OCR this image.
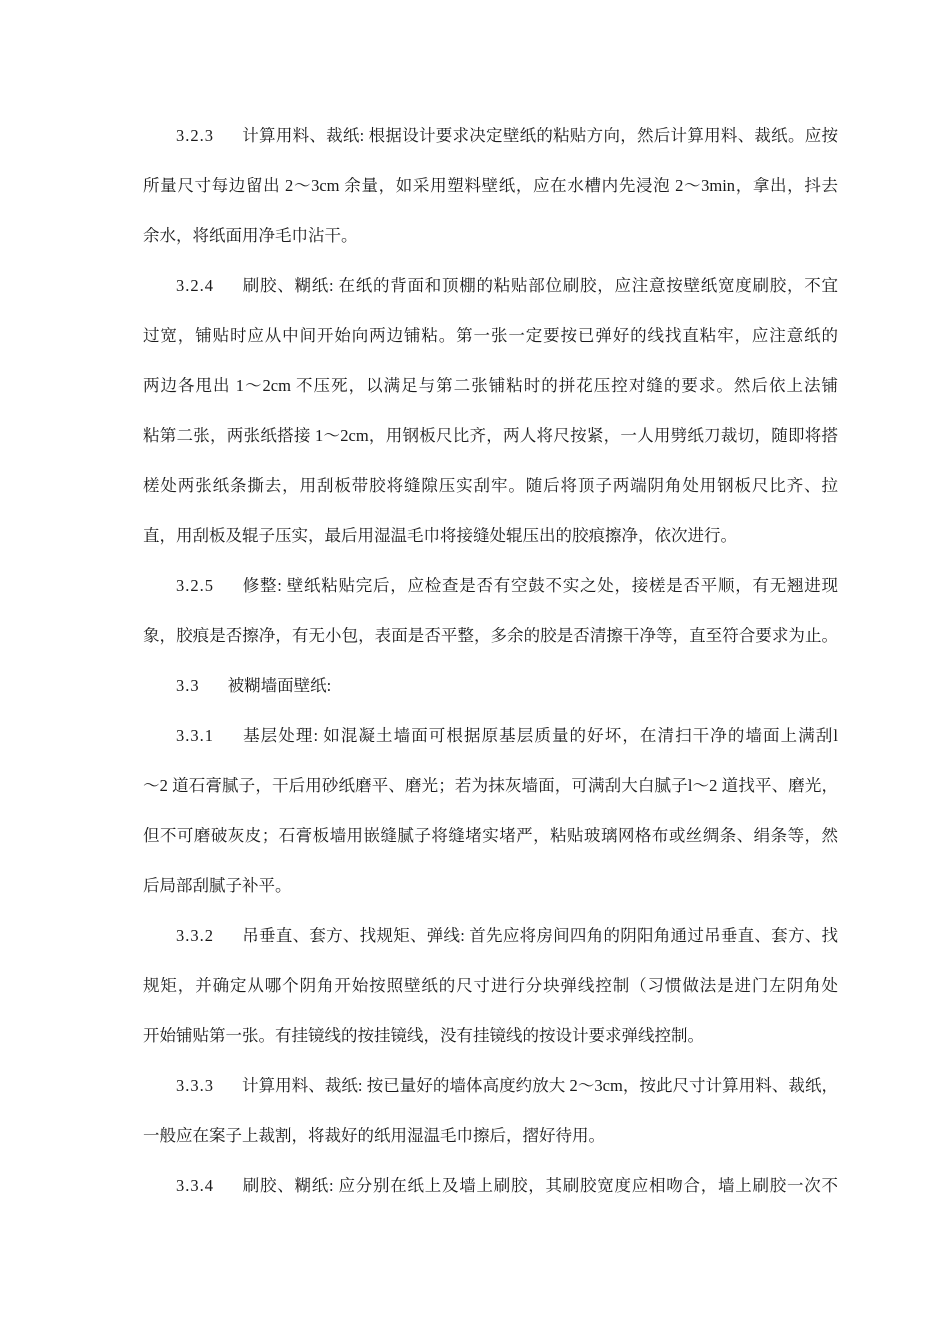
3.2.3 计算用料、裁纸: 根据设计要求决定壁纸的粘贴方向，然后计算用料、裁纸。应按
所量尺寸每边留出 2～3cm 余量，如采用塑料壁纸，应在水槽内先浸泡 2～3min，拿出，抖去
余水，将纸面用净毛巾沾干。
3.2.4 刷胶、糊纸: 在纸的背面和顶棚的粘贴部位刷胶，应注意按壁纸宽度刷胶，不宜
过宽，铺贴时应从中间开始向两边铺粘。第一张一定要按已弹好的线找直粘牢，应注意纸的
两边各甩出 1～2cm 不压死，以满足与第二张铺粘时的拼花压控对缝的要求。然后依上法铺
粘第二张，两张纸搭接 1～2cm，用钢板尺比齐，两人将尺按紧，一人用劈纸刀裁切，随即将搭
槎处两张纸条撕去，用刮板带胶将缝隙压实刮牢。随后将顶子两端阴角处用钢板尺比齐、拉
直，用刮板及辊子压实，最后用湿温毛巾将接缝处辊压出的胶痕擦净，依次进行。
3.2.5 修整: 壁纸粘贴完后，应检查是否有空鼓不实之处，接槎是否平顺，有无翘进现
象，胶痕是否擦净，有无小包，表面是否平整，多余的胶是否清擦干净等，直至符合要求为止。
3.3 被糊墙面壁纸:
3.3.1 基层处理: 如混凝土墙面可根据原基层质量的好坏，在清扫干净的墙面上满刮l
～2 道石膏腻子，干后用砂纸磨平、磨光；若为抹灰墙面，可满刮大白腻子l～2 道找平、磨光，
但不可磨破灰皮；石膏板墙用嵌缝腻子将缝堵实堵严，粘贴玻璃网格布或丝绸条、绢条等，然
后局部刮腻子补平。
3.3.2 吊垂直、套方、找规矩、弹线: 首先应将房间四角的阴阳角通过吊垂直、套方、找
规矩，并确定从哪个阴角开始按照壁纸的尺寸进行分块弹线控制（习惯做法是进门左阴角处
开始铺贴第一张。有挂镜线的按挂镜线，没有挂镜线的按设计要求弹线控制。
3.3.3 计算用料、裁纸: 按已量好的墙体高度约放大 2～3cm，按此尺寸计算用料、裁纸，
一般应在案子上裁割，将裁好的纸用湿温毛巾擦后，摺好待用。
3.3.4 刷胶、糊纸: 应分别在纸上及墙上刷胶，其刷胶宽度应相吻合，墙上刷胶一次不
